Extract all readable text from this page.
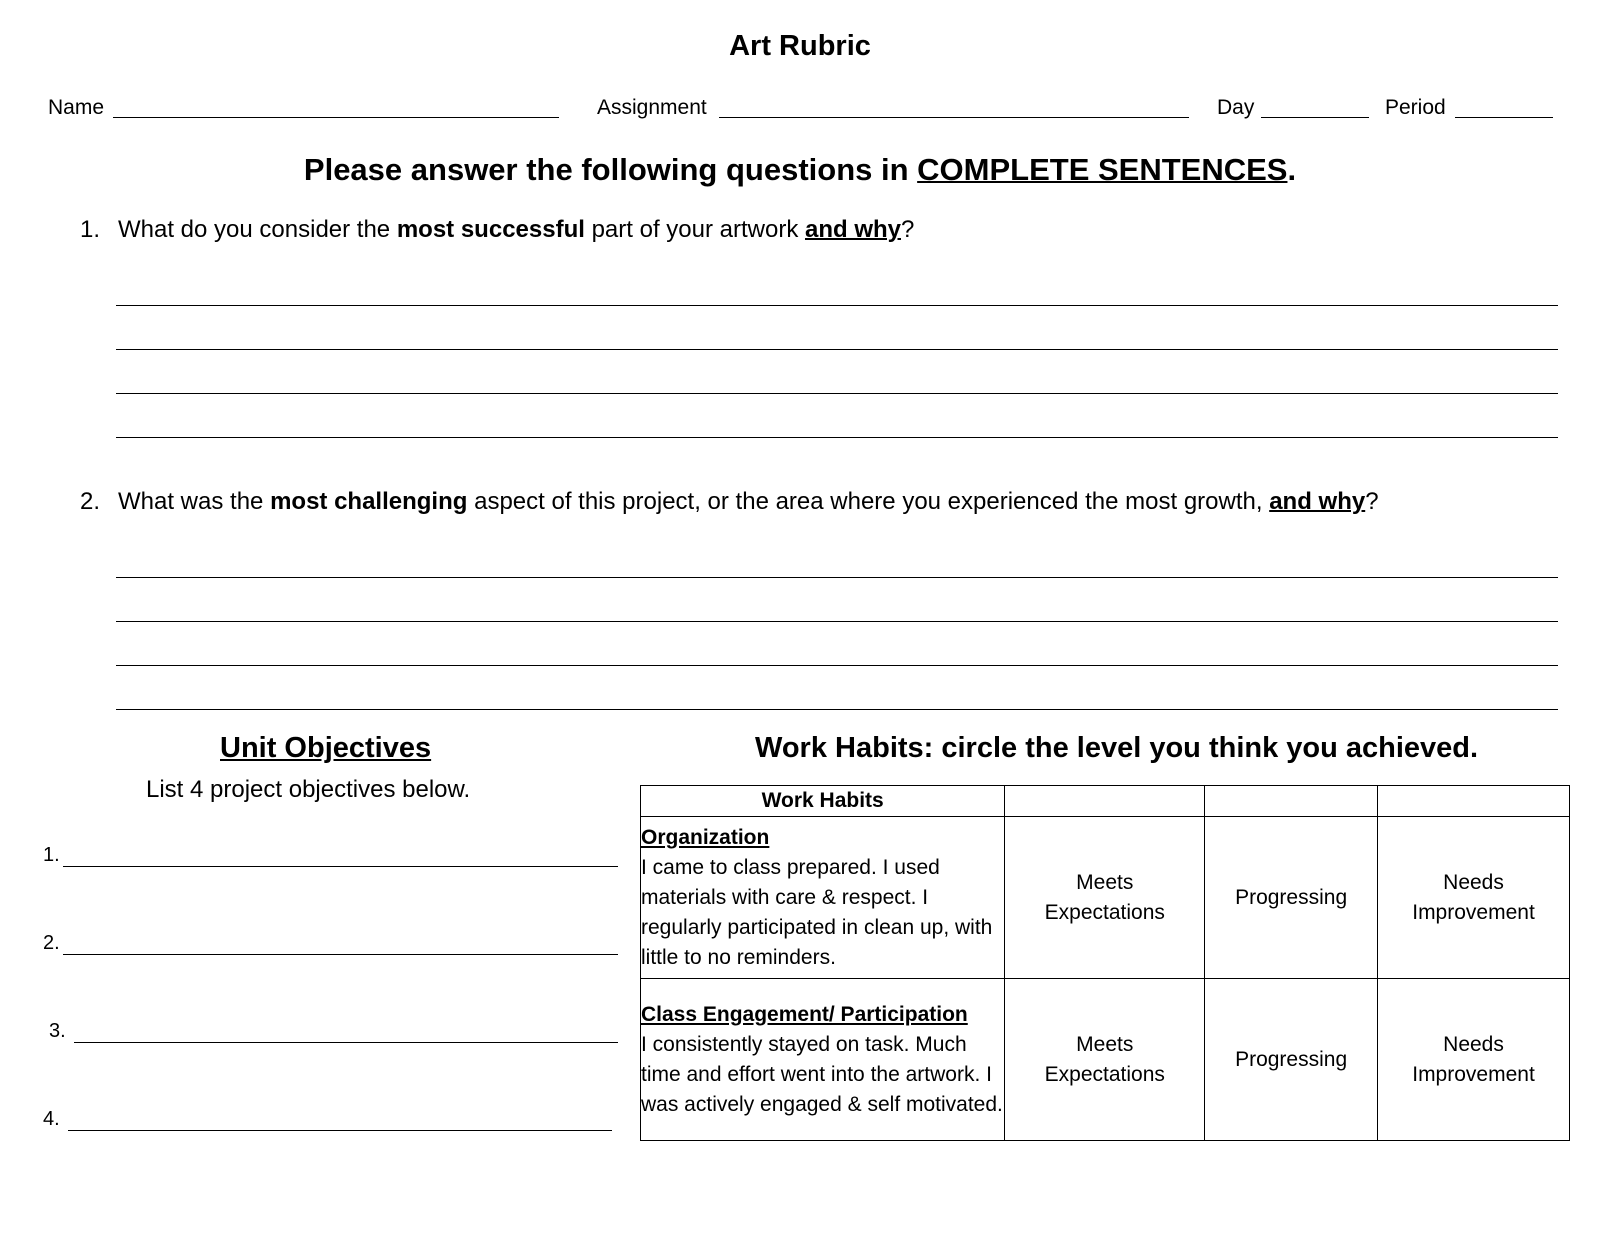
Art Rubric
Name	Assignment	Day	Period
Please answer the following questions in COMPLETE SENTENCES.
1. What do you consider the most successful part of your artwork and why?
2. What was the most challenging aspect of this project, or the area where you experienced the most growth, and why?
Unit Objectives
List 4 project objectives below.
1.
2.
3.
4.
Work Habits: circle the level you think you achieved.
Work Habits			

Organization
I came to class prepared. I used materials with care & respect. I regularly participated in clean up, with little to no reminders.	Meets Expectations	Progressing	Needs Improvement

Class Engagement/ Participation
I consistently stayed on task. Much time and effort went into the artwork. I was actively engaged & self motivated.	Meets Expectations	Progressing	Needs Improvement
